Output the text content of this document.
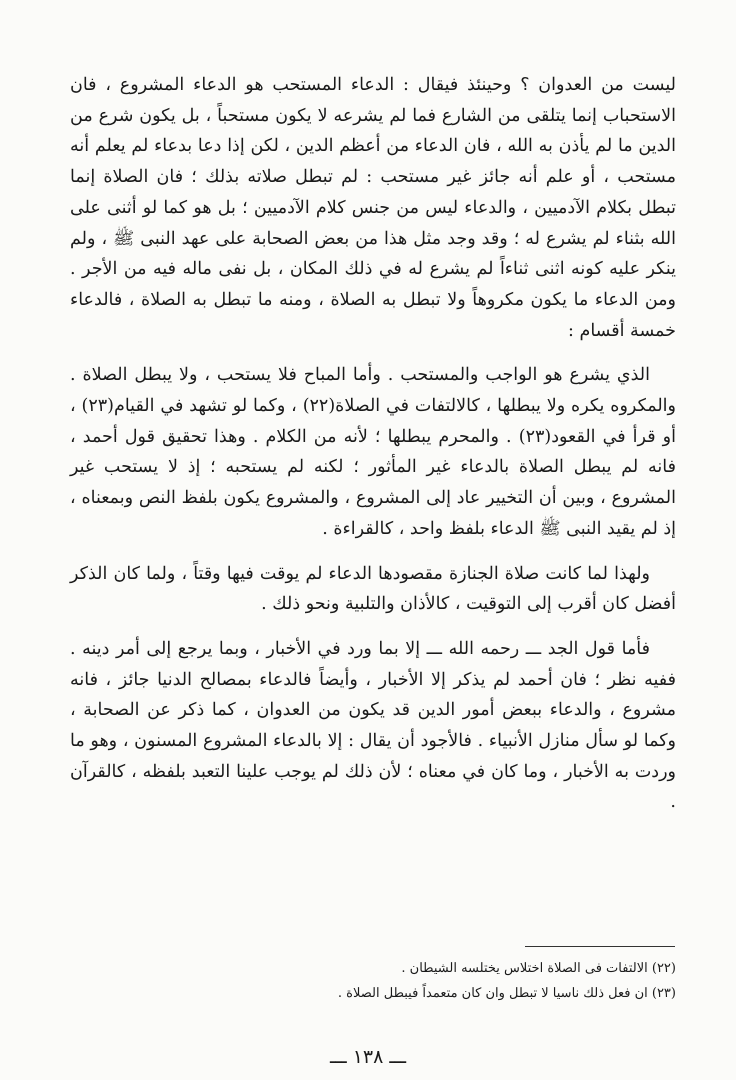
ليست من العدوان ؟ وحينئذ فيقال : الدعاء المستحب هو الدعاء المشروع ، فان الاستحباب إنما يتلقى من الشارع فما لم يشرعه لا يكون مستحباً ، بل يكون شرع من الدين ما لم يأذن به الله ، فان الدعاء من أعظم الدين ، لكن إذا دعا بدعاء لم يعلم أنه مستحب ، أو علم أنه جائز غير مستحب : لم تبطل صلاته بذلك ؛ فان الصلاة إنما تبطل بكلام الآدميين ، والدعاء ليس من جنس كلام الآدميين ؛ بل هو كما لو أثنى على الله بثناء لم يشرع له ؛ وقد وجد مثل هذا من بعض الصحابة على عهد النبى ﷺ ، ولم ينكر عليه كونه اثنى ثناءاً لم يشرع له في ذلك المكان ، بل نفى ماله فيه من الأجر . ومن الدعاء ما يكون مكروهاً ولا تبطل به الصلاة ، ومنه ما تبطل به الصلاة ، فالدعاء خمسة أقسام :

الذي يشرع هو الواجب والمستحب . وأما المباح فلا يستحب ، ولا يبطل الصلاة . والمكروه يكره ولا يبطلها ، كالالتفات في الصلاة(٢٢) ، وكما لو تشهد في القيام(٢٣) ، أو قرأ في القعود(٢٣) . والمحرم يبطلها ؛ لأنه من الكلام . وهذا تحقيق قول أحمد ، فانه لم يبطل الصلاة بالدعاء غير المأثور ؛ لكنه لم يستحبه ؛ إذ لا يستحب غير المشروع ، وبين أن التخيير عاد إلى المشروع ، والمشروع يكون بلفظ النص وبمعناه ، إذ لم يقيد النبى ﷺ الدعاء بلفظ واحد ، كالقراءة .

ولهذا لما كانت صلاة الجنازة مقصودها الدعاء لم يوقت فيها وقتاً ، ولما كان الذكر أفضل كان أقرب إلى التوقيت ، كالأذان والتلبية ونحو ذلك .

فأما قول الجد ـــ رحمه الله ـــ إلا بما ورد في الأخبار ، وبما يرجع إلى أمر دينه . ففيه نظر ؛ فان أحمد لم يذكر إلا الأخبار ، وأيضاً فالدعاء بمصالح الدنيا جائز ، فانه مشروع ، والدعاء ببعض أمور الدين قد يكون من العدوان ، كما ذكر عن الصحابة ، وكما لو سأل منازل الأنبياء . فالأجود أن يقال : إلا بالدعاء المشروع المسنون ، وهو ما وردت به الأخبار ، وما كان في معناه ؛ لأن ذلك لم يوجب علينا التعبد بلفظه ، كالقرآن .

(٢٢) الالتفات فى الصلاة اختلاس يختلسه الشيطان .

(٢٣) ان فعل ذلك ناسيا لا تبطل وان كان متعمداً فيبطل الصلاة .

ـــ ١٣٨ ـــ
